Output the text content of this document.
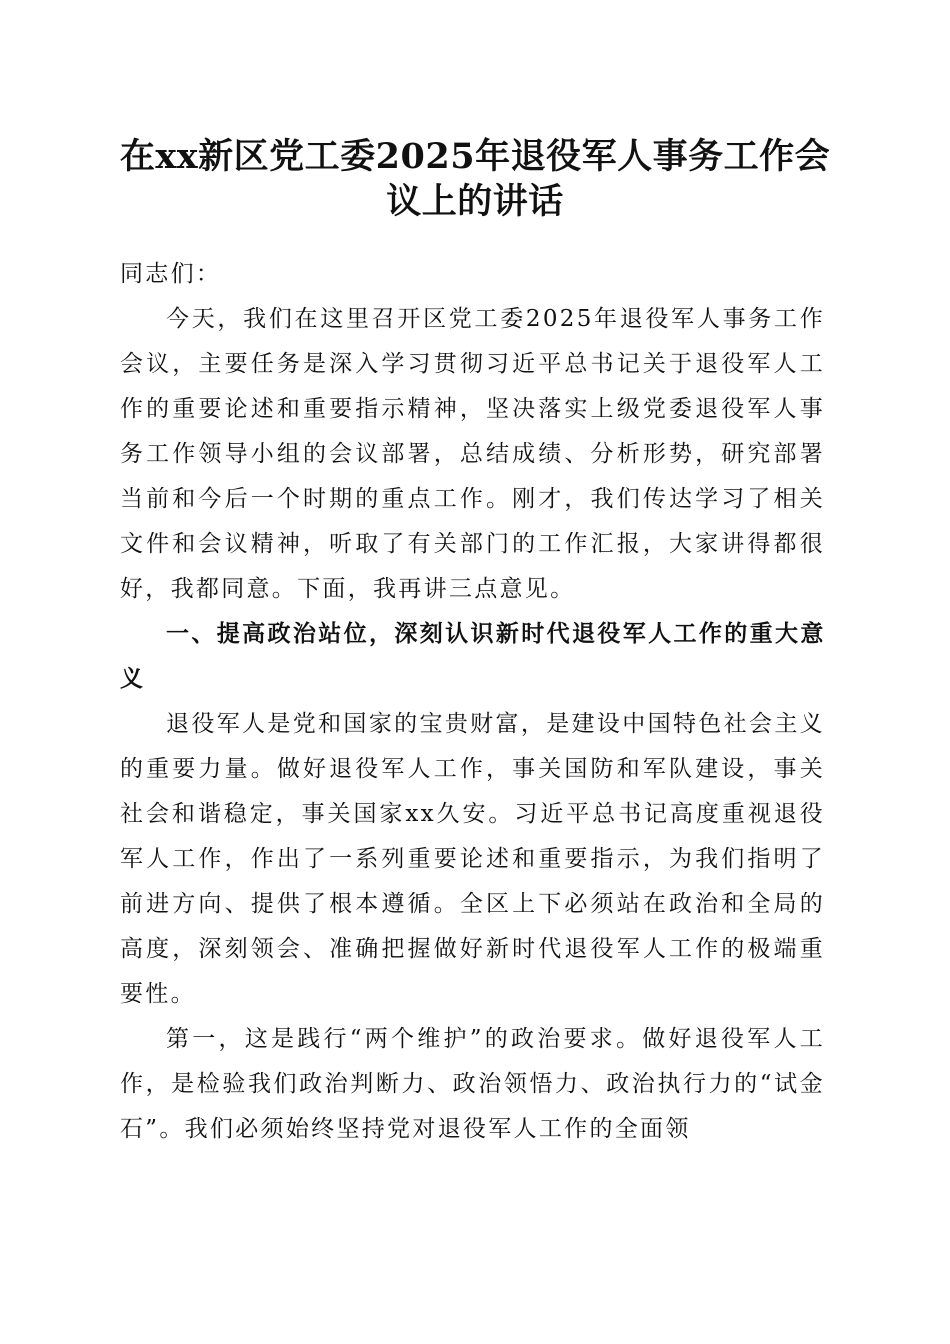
在xx新区党工委2025年退役军人事务工作会议上的讲话

同志们：

今天，我们在这里召开区党工委2025年退役军人事务工作会议，主要任务是深入学习贯彻习近平总书记关于退役军人工作的重要论述和重要指示精神，坚决落实上级党委退役军人事务工作领导小组的会议部署，总结成绩、分析形势，研究部署当前和今后一个时期的重点工作。刚才，我们传达学习了相关文件和会议精神，听取了有关部门的工作汇报，大家讲得都很好，我都同意。下面，我再讲三点意见。

一、提高政治站位，深刻认识新时代退役军人工作的重大意义

退役军人是党和国家的宝贵财富，是建设中国特色社会主义的重要力量。做好退役军人工作，事关国防和军队建设，事关社会和谐稳定，事关国家xx久安。习近平总书记高度重视退役军人工作，作出了一系列重要论述和重要指示，为我们指明了前进方向、提供了根本遵循。全区上下必须站在政治和全局的高度，深刻领会、准确把握做好新时代退役军人工作的极端重要性。

第一，这是践行“两个维护”的政治要求。做好退役军人工作，是检验我们政治判断力、政治领悟力、政治执行力的“试金石”。我们必须始终坚持党对退役军人工作的全面领
